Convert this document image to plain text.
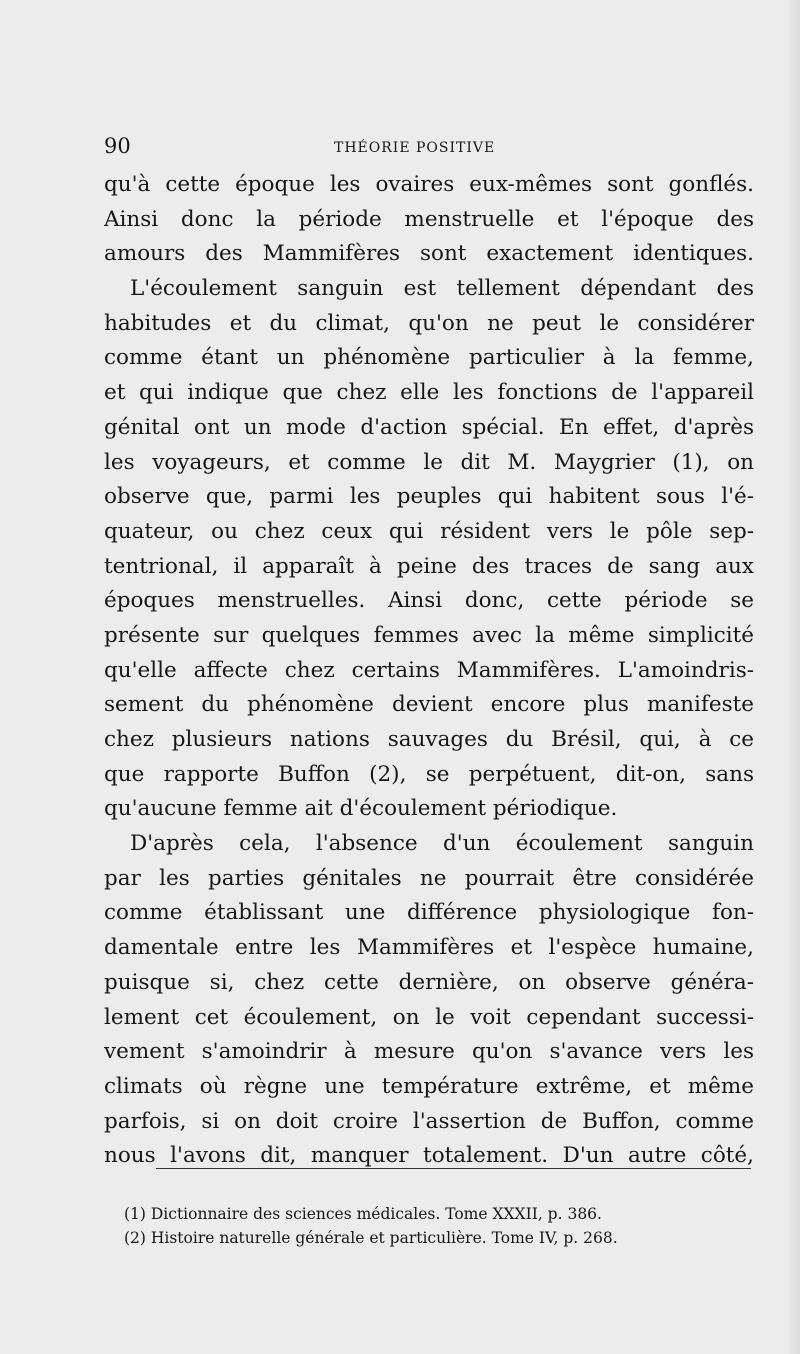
90	THÉORIE POSITIVE
qu'à cette époque les ovaires eux-mêmes sont gonflés.
Ainsi donc la période menstruelle et l'époque des
amours des Mammifères sont exactement identiques.
L'écoulement sanguin est tellement dépendant des
habitudes et du climat, qu'on ne peut le considérer
comme étant un phénomène particulier à la femme,
et qui indique que chez elle les fonctions de l'appareil
génital ont un mode d'action spécial. En effet, d'après
les voyageurs, et comme le dit M. Maygrier (1), on
observe que, parmi les peuples qui habitent sous l'é-
quateur, ou chez ceux qui résident vers le pôle sep-
tentrional, il apparaît à peine des traces de sang aux
époques menstruelles. Ainsi donc, cette période se
présente sur quelques femmes avec la même simplicité
qu'elle affecte chez certains Mammifères. L'amoindris-
sement du phénomène devient encore plus manifeste
chez plusieurs nations sauvages du Brésil, qui, à ce
que rapporte Buffon (2), se perpétuent, dit-on, sans
qu'aucune femme ait d'écoulement périodique.
D'après cela, l'absence d'un écoulement sanguin
par les parties génitales ne pourrait être considérée
comme établissant une différence physiologique fon-
damentale entre les Mammifères et l'espèce humaine,
puisque si, chez cette dernière, on observe généra-
lement cet écoulement, on le voit cependant successi-
vement s'amoindrir à mesure qu'on s'avance vers les
climats où règne une température extrême, et même
parfois, si on doit croire l'assertion de Buffon, comme
nous l'avons dit, manquer totalement. D'un autre côté,
(1) Dictionnaire des sciences médicales. Tome XXXII, p. 386.
(2) Histoire naturelle générale et particulière. Tome IV, p. 268.
